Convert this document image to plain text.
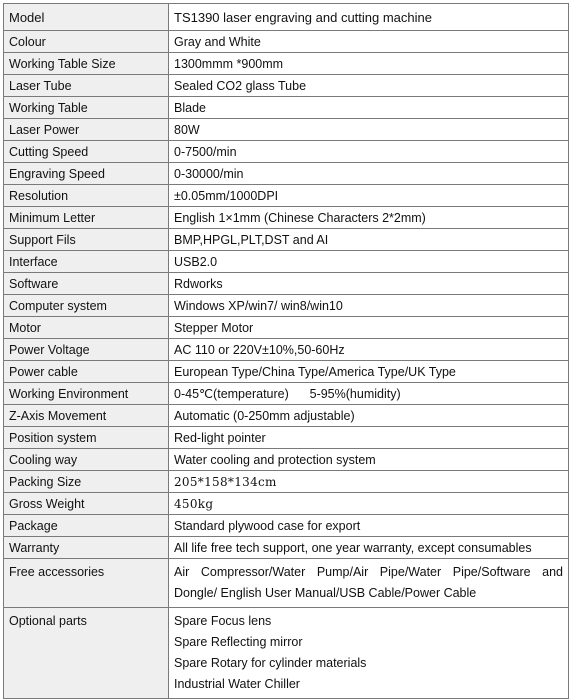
Model	TS1390 laser engraving and cutting machine
Colour	Gray and White
Working Table Size	1300mmm *900mm
Laser Tube	Sealed CO2 glass Tube
Working Table	Blade
Laser Power	80W
Cutting Speed	0-7500/min
Engraving Speed	0-30000/min
Resolution	±0.05mm/1000DPI
Minimum Letter	English 1×1mm (Chinese Characters 2*2mm)
Support Fils	BMP,HPGL,PLT,DST and AI
Interface	USB2.0
Software	Rdworks
Computer system	Windows XP/win7/ win8/win10
Motor	Stepper Motor
Power Voltage	AC 110 or 220V±10%,50-60Hz
Power cable	European Type/China Type/America Type/UK Type
Working Environment	0-45℃(temperature)      5-95%(humidity)
Z-Axis Movement	Automatic (0-250mm adjustable)
Position system	Red-light pointer
Cooling way	Water cooling and protection system
Packing Size	205*158*134cm
Gross Weight	450kg
Package	Standard plywood case for export
Warranty	All life free tech support, one year warranty, except consumables
Free accessories	Air Compressor/Water Pump/Air Pipe/Water Pipe/Software and Dongle/ English User Manual/USB Cable/Power Cable
Optional parts	Spare Focus lens
Spare Reflecting mirror
Spare Rotary for cylinder materials
Industrial Water Chiller
